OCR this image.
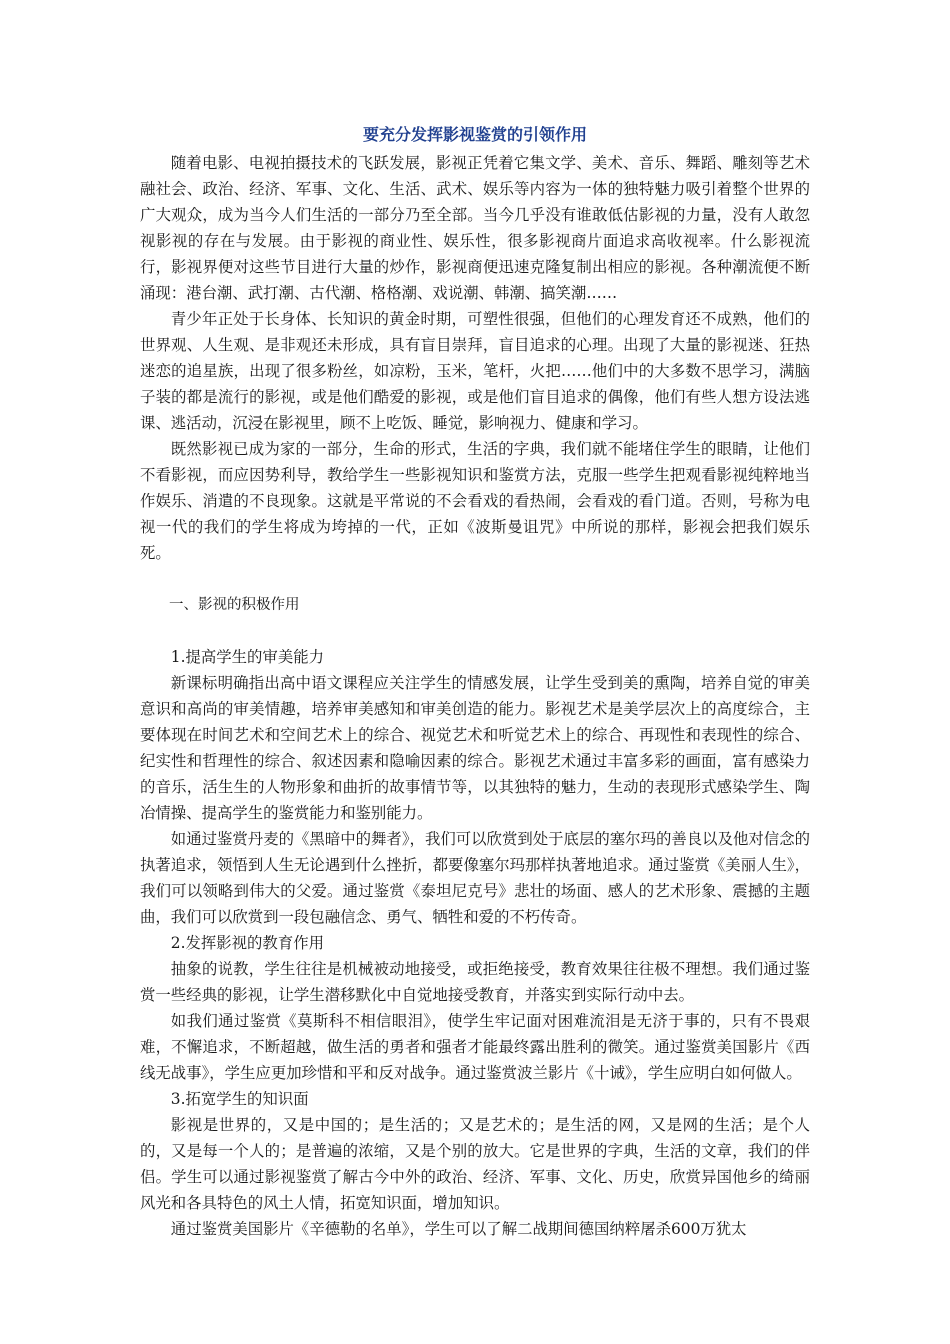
要充分发挥影视鉴赏的引领作用

随着电影、电视拍摄技术的飞跃发展，影视正凭着它集文学、美术、音乐、舞蹈、雕刻等艺术融社会、政治、经济、军事、文化、生活、武术、娱乐等内容为一体的独特魅力吸引着整个世界的广大观众，成为当今人们生活的一部分乃至全部。当今几乎没有谁敢低估影视的力量，没有人敢忽视影视的存在与发展。由于影视的商业性、娱乐性，很多影视商片面追求高收视率。什么影视流行，影视界便对这些节目进行大量的炒作，影视商便迅速克隆复制出相应的影视。各种潮流便不断涌现：港台潮、武打潮、古代潮、格格潮、戏说潮、韩潮、搞笑潮……

青少年正处于长身体、长知识的黄金时期，可塑性很强，但他们的心理发育还不成熟，他们的世界观、人生观、是非观还未形成，具有盲目崇拜，盲目追求的心理。出现了大量的影视迷、狂热迷恋的追星族，出现了很多粉丝，如凉粉，玉米，笔杆，火把……他们中的大多数不思学习，满脑子装的都是流行的影视，或是他们酷爱的影视，或是他们盲目追求的偶像，他们有些人想方设法逃课、逃活动，沉浸在影视里，顾不上吃饭、睡觉，影响视力、健康和学习。

既然影视已成为家的一部分，生命的形式，生活的字典，我们就不能堵住学生的眼睛，让他们不看影视，而应因势利导，教给学生一些影视知识和鉴赏方法，克服一些学生把观看影视纯粹地当作娱乐、消遣的不良现象。这就是平常说的不会看戏的看热闹，会看戏的看门道。否则，号称为电视一代的我们的学生将成为垮掉的一代，正如《波斯曼诅咒》中所说的那样，影视会把我们娱乐死。

一、影视的积极作用
1.提高学生的审美能力

新课标明确指出高中语文课程应关注学生的情感发展，让学生受到美的熏陶，培养自觉的审美意识和高尚的审美情趣，培养审美感知和审美创造的能力。影视艺术是美学层次上的高度综合，主要体现在时间艺术和空间艺术上的综合、视觉艺术和听觉艺术上的综合、再现性和表现性的综合、纪实性和哲理性的综合、叙述因素和隐喻因素的综合。影视艺术通过丰富多彩的画面，富有感染力的音乐，活生生的人物形象和曲折的故事情节等，以其独特的魅力，生动的表现形式感染学生、陶冶情操、提高学生的鉴赏能力和鉴别能力。

如通过鉴赏丹麦的《黑暗中的舞者》，我们可以欣赏到处于底层的塞尔玛的善良以及他对信念的执著追求，领悟到人生无论遇到什么挫折，都要像塞尔玛那样执著地追求。通过鉴赏《美丽人生》，我们可以领略到伟大的父爱。通过鉴赏《泰坦尼克号》悲壮的场面、感人的艺术形象、震撼的主题曲，我们可以欣赏到一段包融信念、勇气、牺牲和爱的不朽传奇。

2.发挥影视的教育作用

抽象的说教，学生往往是机械被动地接受，或拒绝接受，教育效果往往极不理想。我们通过鉴赏一些经典的影视，让学生潜移默化中自觉地接受教育，并落实到实际行动中去。

如我们通过鉴赏《莫斯科不相信眼泪》，使学生牢记面对困难流泪是无济于事的，只有不畏艰难，不懈追求，不断超越，做生活的勇者和强者才能最终露出胜利的微笑。通过鉴赏美国影片《西线无战事》，学生应更加珍惜和平和反对战争。通过鉴赏波兰影片《十诫》，学生应明白如何做人。

3.拓宽学生的知识面

影视是世界的，又是中国的；是生活的；又是艺术的；是生活的网，又是网的生活；是个人的，又是每一个人的；是普遍的浓缩，又是个别的放大。它是世界的字典，生活的文章，我们的伴侣。学生可以通过影视鉴赏了解古今中外的政治、经济、军事、文化、历史，欣赏异国他乡的绮丽风光和各具特色的风土人情，拓宽知识面，增加知识。

通过鉴赏美国影片《辛德勒的名单》，学生可以了解二战期间德国纳粹屠杀600万犹太
